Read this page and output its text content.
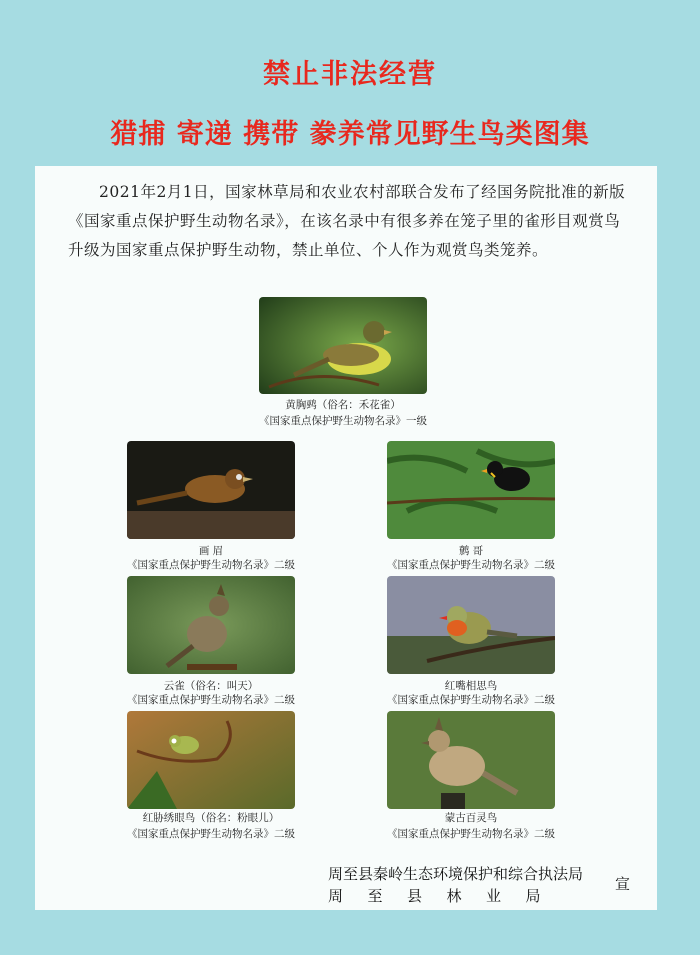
禁止非法经营
猎捕 寄递 携带 豢养常见野生鸟类图集
2021年2月1日，国家林草局和农业农村部联合发布了经国务院批准的新版《国家重点保护野生动物名录》，在该名录中有很多养在笼子里的雀形目观赏鸟升级为国家重点保护野生动物，禁止单位、个人作为观赏鸟类笼养。
黄胸鹀（俗名：禾花雀）
《国家重点保护野生动物名录》一级
画 眉
《国家重点保护野生动物名录》二级
鹩 哥
《国家重点保护野生动物名录》二级
云雀（俗名：叫天）
《国家重点保护野生动物名录》二级
红嘴相思鸟
《国家重点保护野生动物名录》二级
红胁绣眼鸟（俗名：粉眼儿）
《国家重点保护野生动物名录》二级
蒙古百灵鸟
《国家重点保护野生动物名录》二级
周至县秦岭生态环境保护和综合执法局
周至县林业局
宣
